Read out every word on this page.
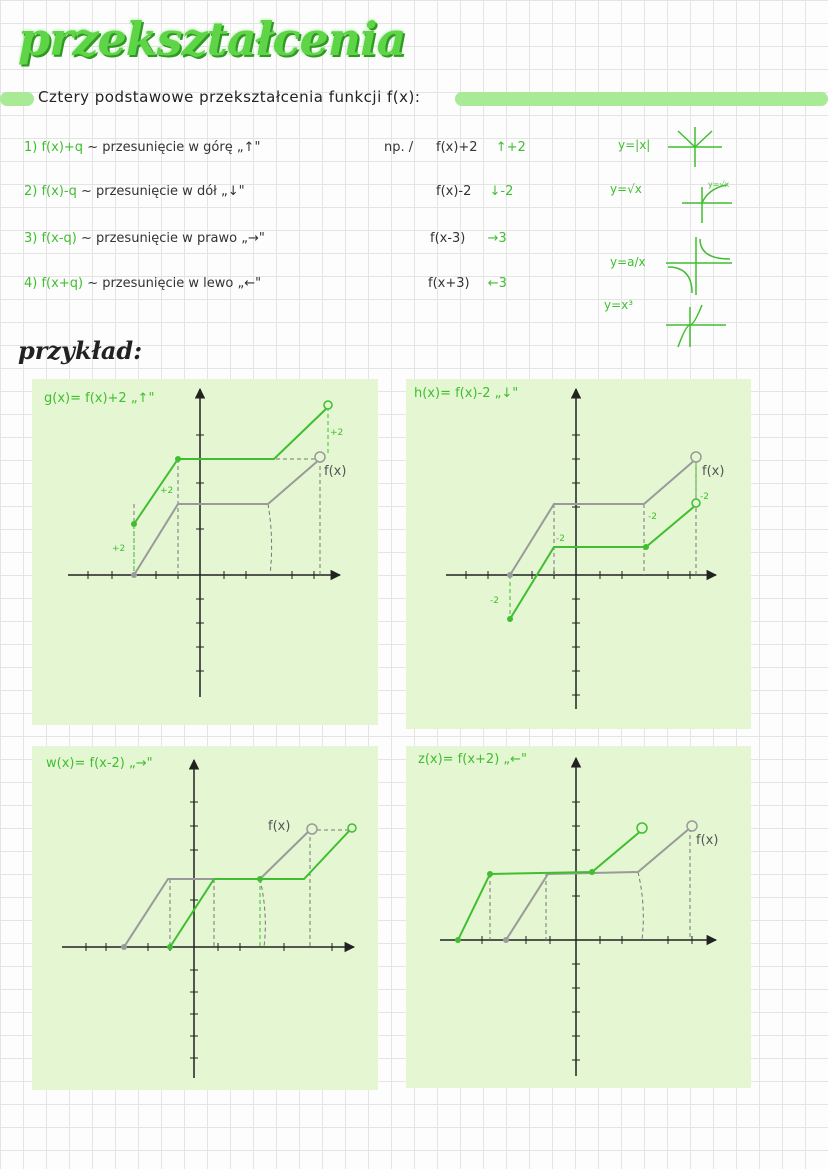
przekształcenia
Cztery podstawowe przekształcenia funkcji f(x):
1) f(x)+q ~ przesunięcie w górę „↑"
2) f(x)-q ~ przesunięcie w dół „↓"
3) f(x-q) ~ przesunięcie w prawo „→"
4) f(x+q) ~ przesunięcie w lewo „←"
np. / f(x)+2 ↑+2
f(x)-2 ↓-2
f(x-3) →3
f(x+3) ←3
y=|x|
y=√x
y=a/x
y=x³
y=√x
przykład:
g(x)= f(x)+2 „↑"	h(x)= f(x)-2 „↓"
w(x)= f(x-2) „→"	z(x)= f(x+2) „←"
f(x)
+2
+2
+2
f(x)
-2
-2
-2
-2
f(x)
f(x)
